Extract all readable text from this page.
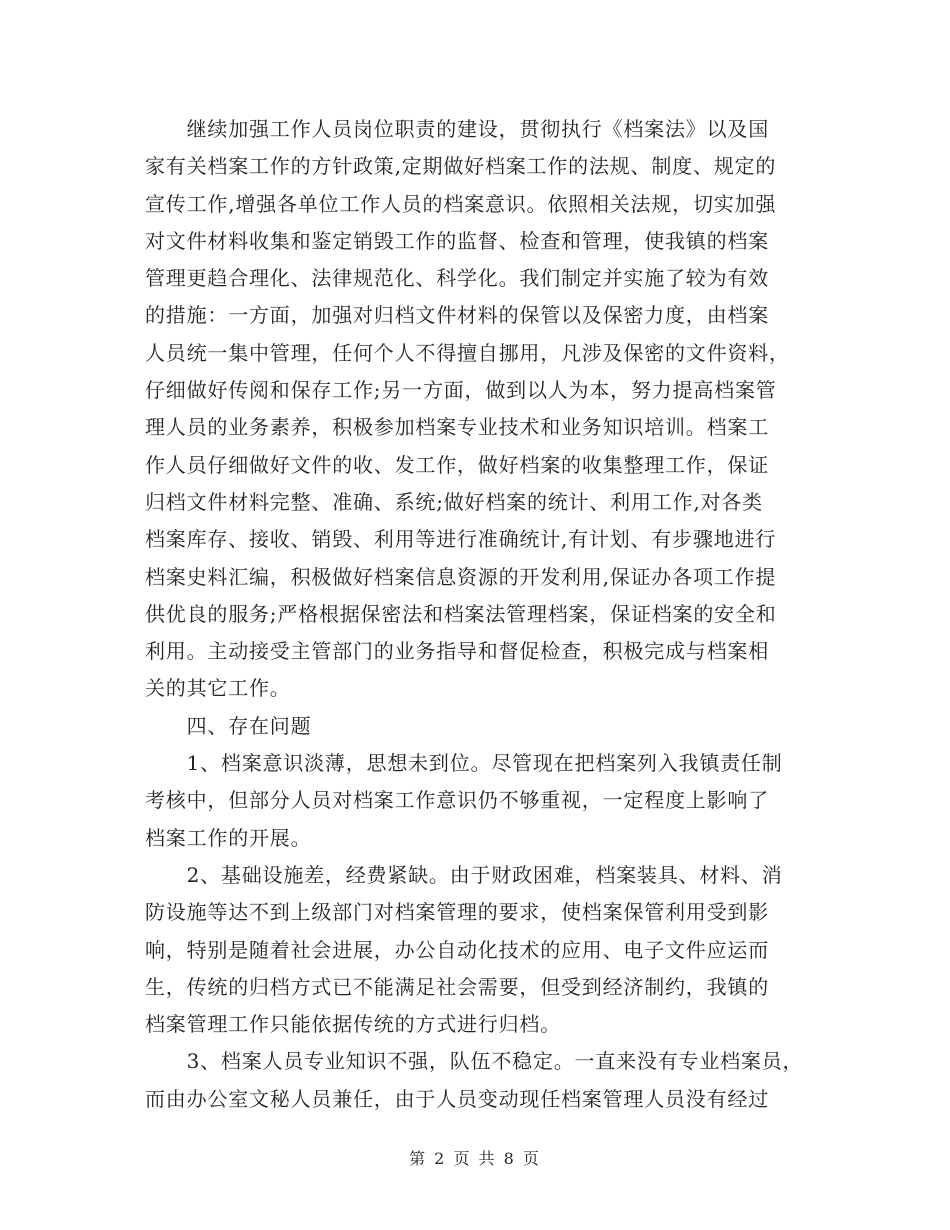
　　继续加强工作人员岗位职责的建设，贯彻执行《档案法》以及国
家有关档案工作的方针政策,定期做好档案工作的法规、制度、规定的
宣传工作,增强各单位工作人员的档案意识。依照相关法规，切实加强
对文件材料收集和鉴定销毁工作的监督、检查和管理，使我镇的档案
管理更趋合理化、法律规范化、科学化。我们制定并实施了较为有效
的措施：一方面，加强对归档文件材料的保管以及保密力度，由档案
人员统一集中管理，任何个人不得擅自挪用，凡涉及保密的文件资料，
仔细做好传阅和保存工作;另一方面，做到以人为本，努力提高档案管
理人员的业务素养，积极参加档案专业技术和业务知识培训。档案工
作人员仔细做好文件的收、发工作，做好档案的收集整理工作，保证
归档文件材料完整、准确、系统;做好档案的统计、利用工作,对各类
档案库存、接收、销毁、利用等进行准确统计,有计划、有步骤地进行
档案史料汇编，积极做好档案信息资源的开发利用,保证办各项工作提
供优良的服务;严格根据保密法和档案法管理档案，保证档案的安全和
利用。主动接受主管部门的业务指导和督促检查，积极完成与档案相
关的其它工作。
　　四、存在问题
　　1、档案意识淡薄，思想未到位。尽管现在把档案列入我镇责任制
考核中，但部分人员对档案工作意识仍不够重视，一定程度上影响了
档案工作的开展。
　　2、基础设施差，经费紧缺。由于财政困难，档案装具、材料、消
防设施等达不到上级部门对档案管理的要求，使档案保管利用受到影
响，特别是随着社会进展，办公自动化技术的应用、电子文件应运而
生，传统的归档方式已不能满足社会需要，但受到经济制约，我镇的
档案管理工作只能依据传统的方式进行归档。
　　3、档案人员专业知识不强，队伍不稳定。一直来没有专业档案员，
而由办公室文秘人员兼任，由于人员变动现任档案管理人员没有经过
第 2 页 共 8 页
